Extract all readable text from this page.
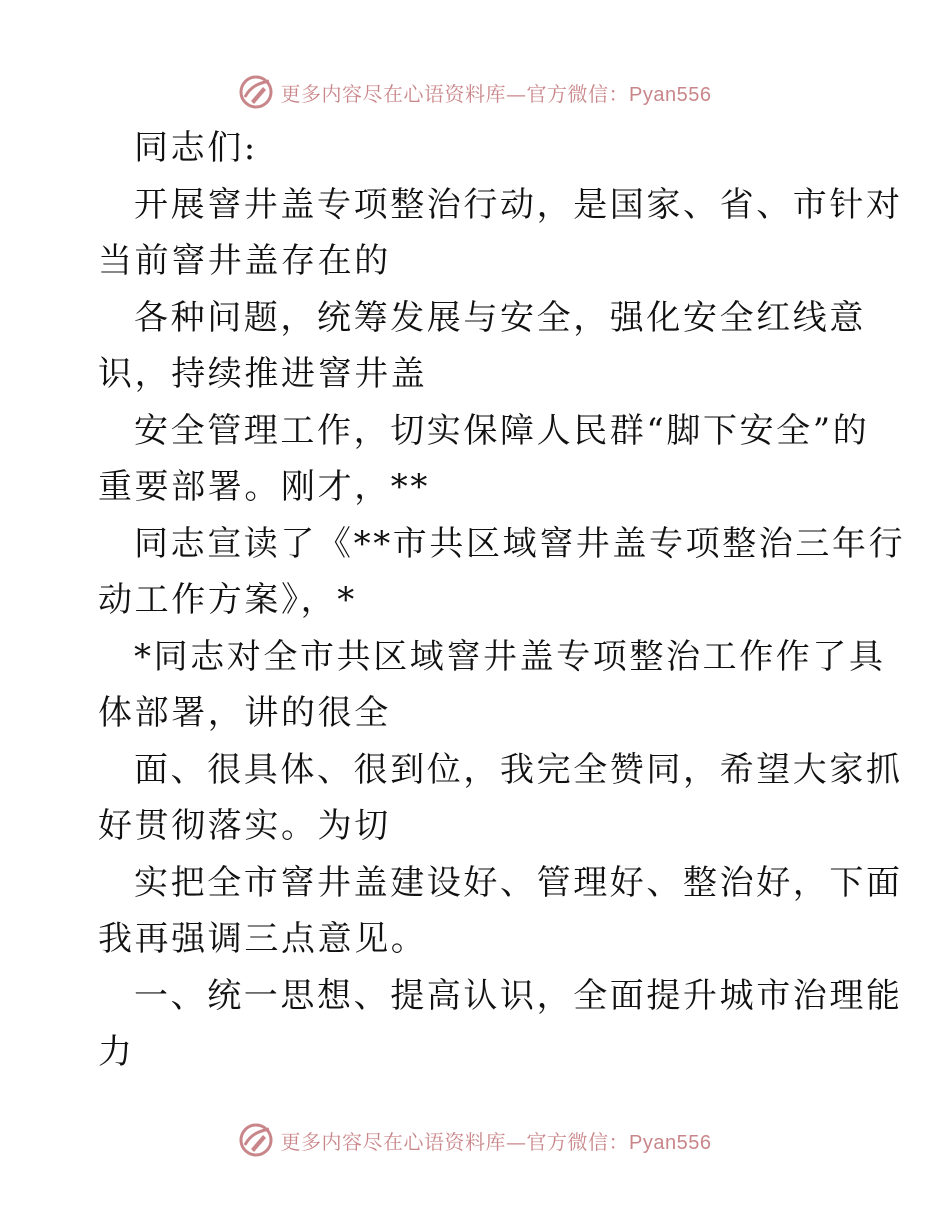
更多内容尽在心语资料库—官方微信：Pyan556
同志们:
开展窨井盖专项整治行动，是国家、省、市针对
当前窨井盖存在的
各种问题，统筹发展与安全，强化安全红线意
识，持续推进窨井盖
安全管理工作，切实保障人民群“脚下安全”的
重要部署。刚才，**
同志宣读了《**市共区域窨井盖专项整治三年行
动工作方案》，*
*同志对全市共区域窨井盖专项整治工作作了具
体部署，讲的很全
面、很具体、很到位，我完全赞同，希望大家抓
好贯彻落实。为切
实把全市窨井盖建设好、管理好、整治好，下面
我再强调三点意见。
一、统一思想、提高认识，全面提升城市治理能
力
更多内容尽在心语资料库—官方微信：Pyan556
